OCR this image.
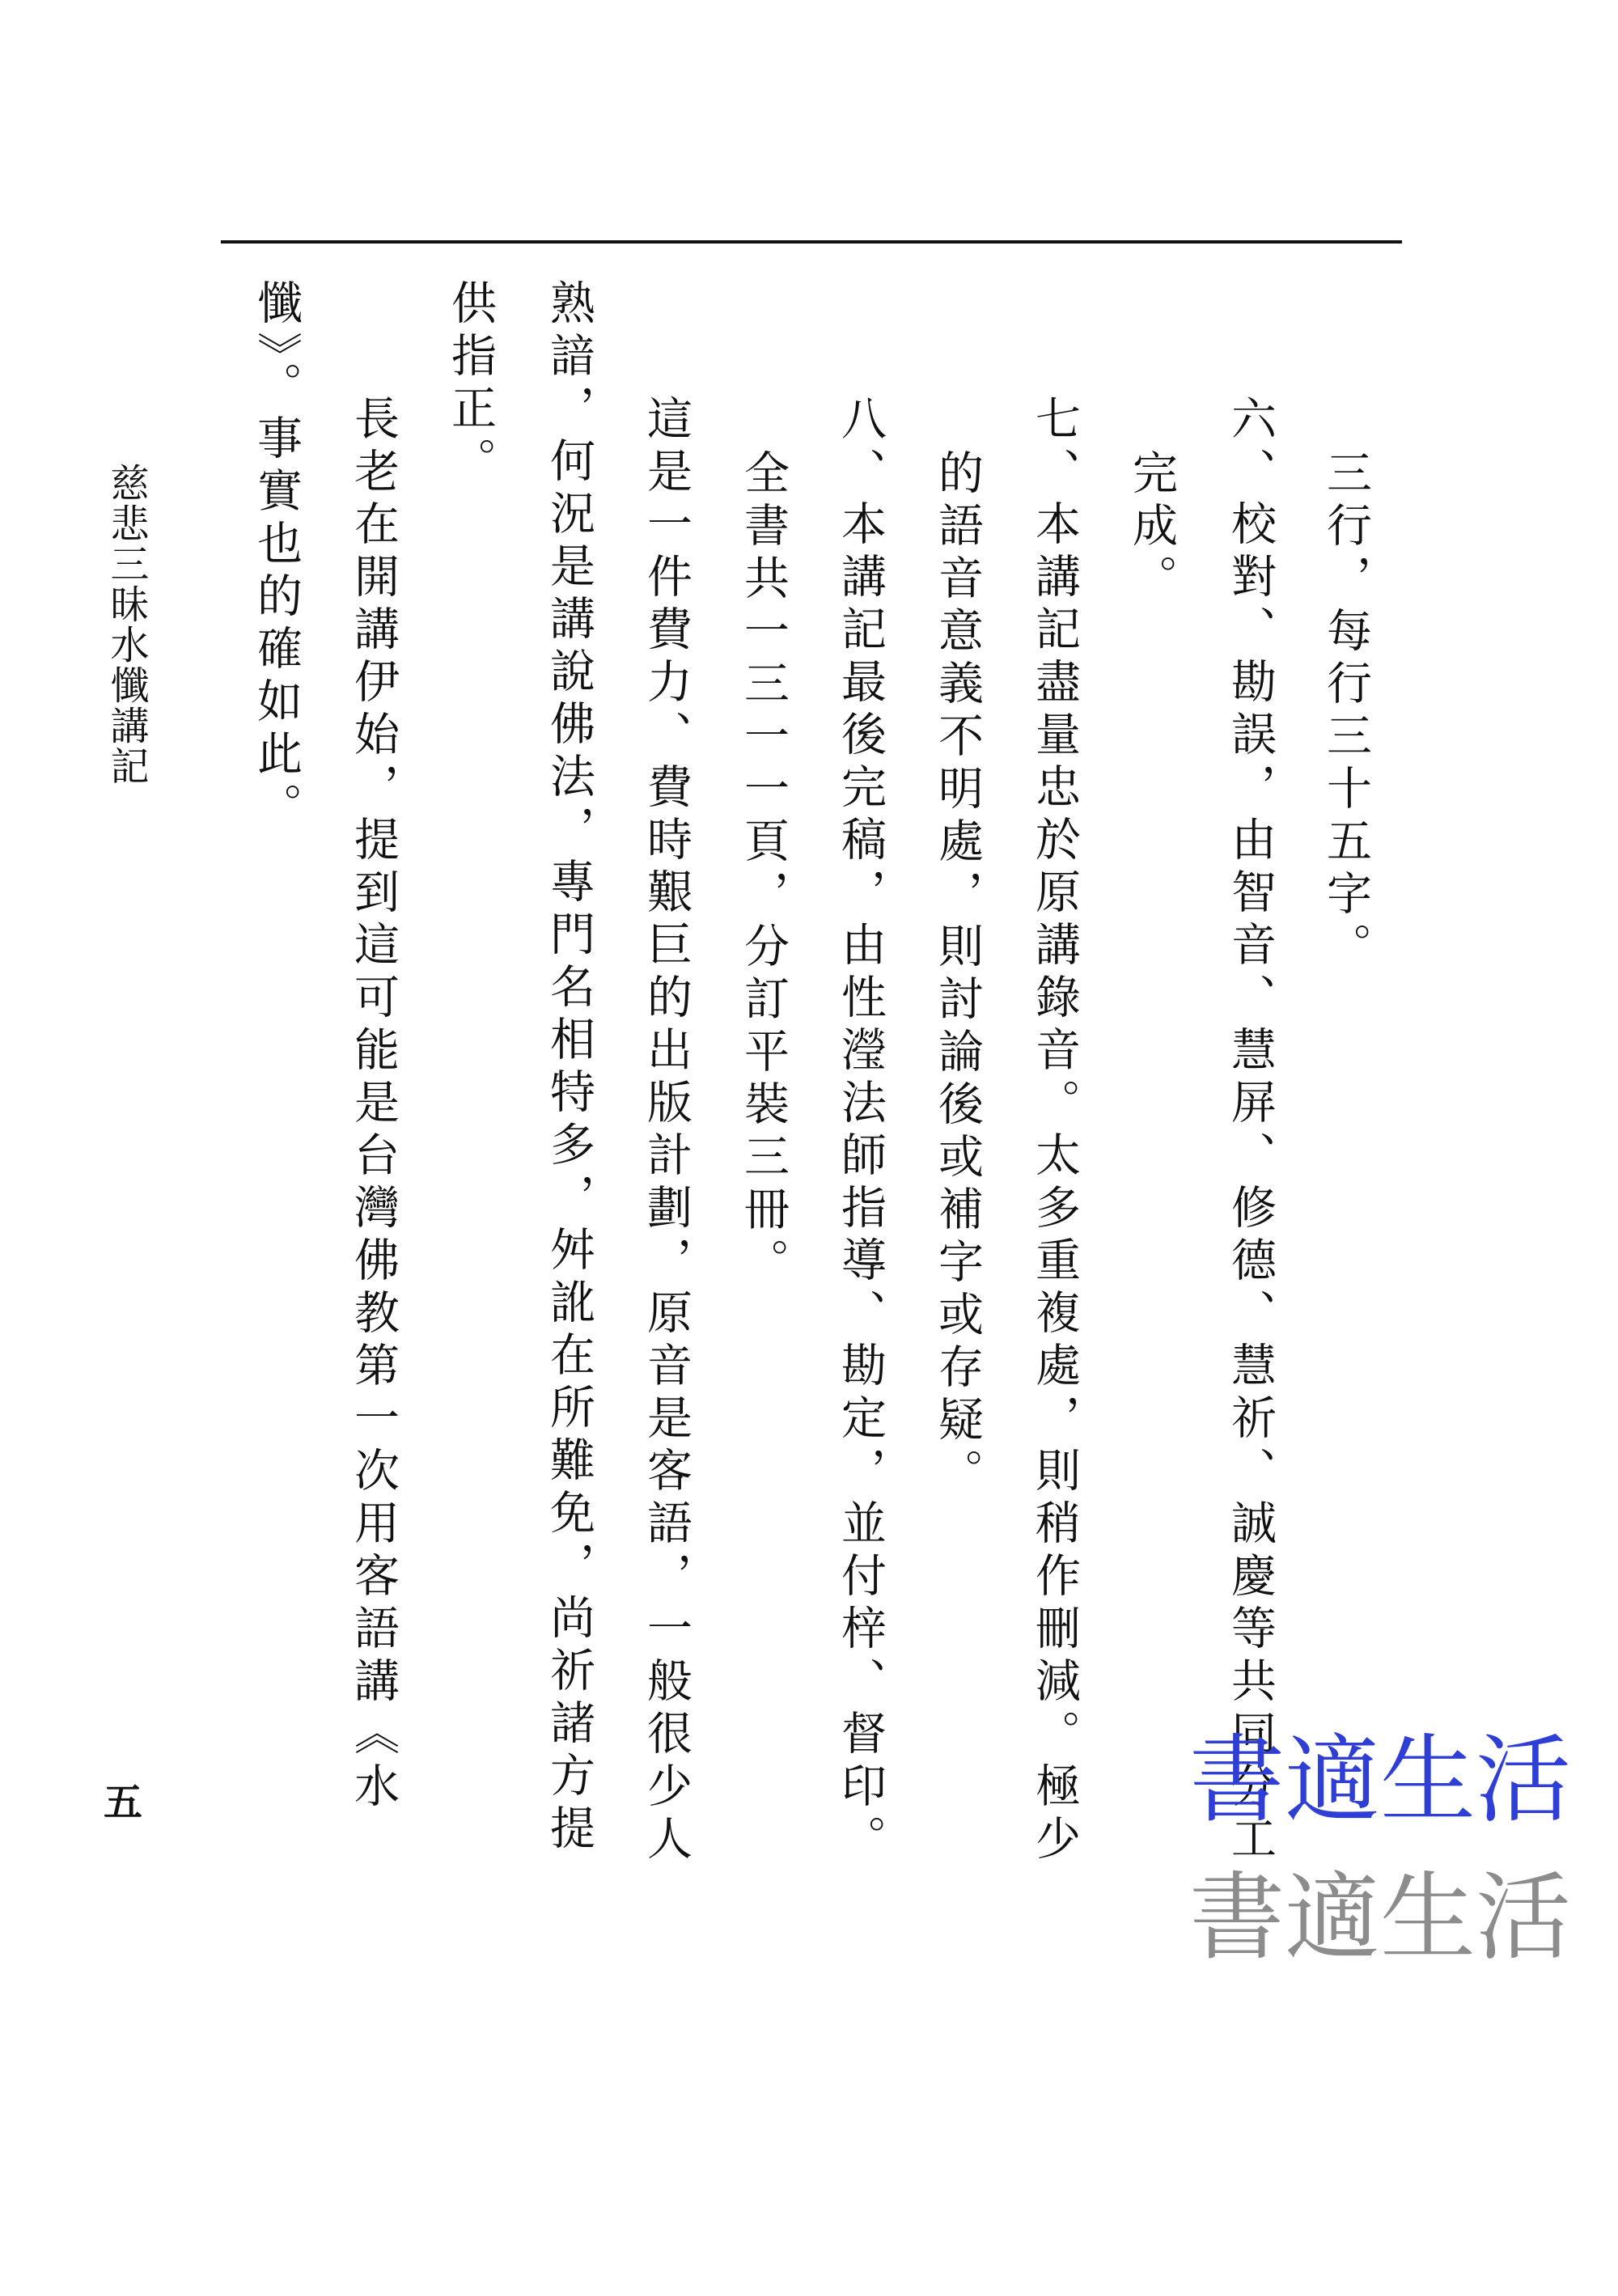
三行，每行三十五字。
六、校對、勘誤，由智音、慧屏、修德、慧祈、誠慶等共同分工
完成。
七、本講記盡量忠於原講錄音。太多重複處，則稍作刪減。極少
的語音意義不明處，則討論後或補字或存疑。
八、本講記最後完稿，由性瀅法師指導、勘定，並付梓、督印。
全書共一三一一頁，分訂平裝三冊。
這是一件費力、費時艱巨的出版計劃，原音是客語，一般很少人
熟諳，何況是講說佛法，專門名相特多，舛訛在所難免，尚祈諸方提
供指正。
長老在開講伊始，提到這可能是台灣佛教第一次用客語講《水
懺》。事實也的確如此。
慈悲三昧水懺講記
五	書適生活
書適生活
